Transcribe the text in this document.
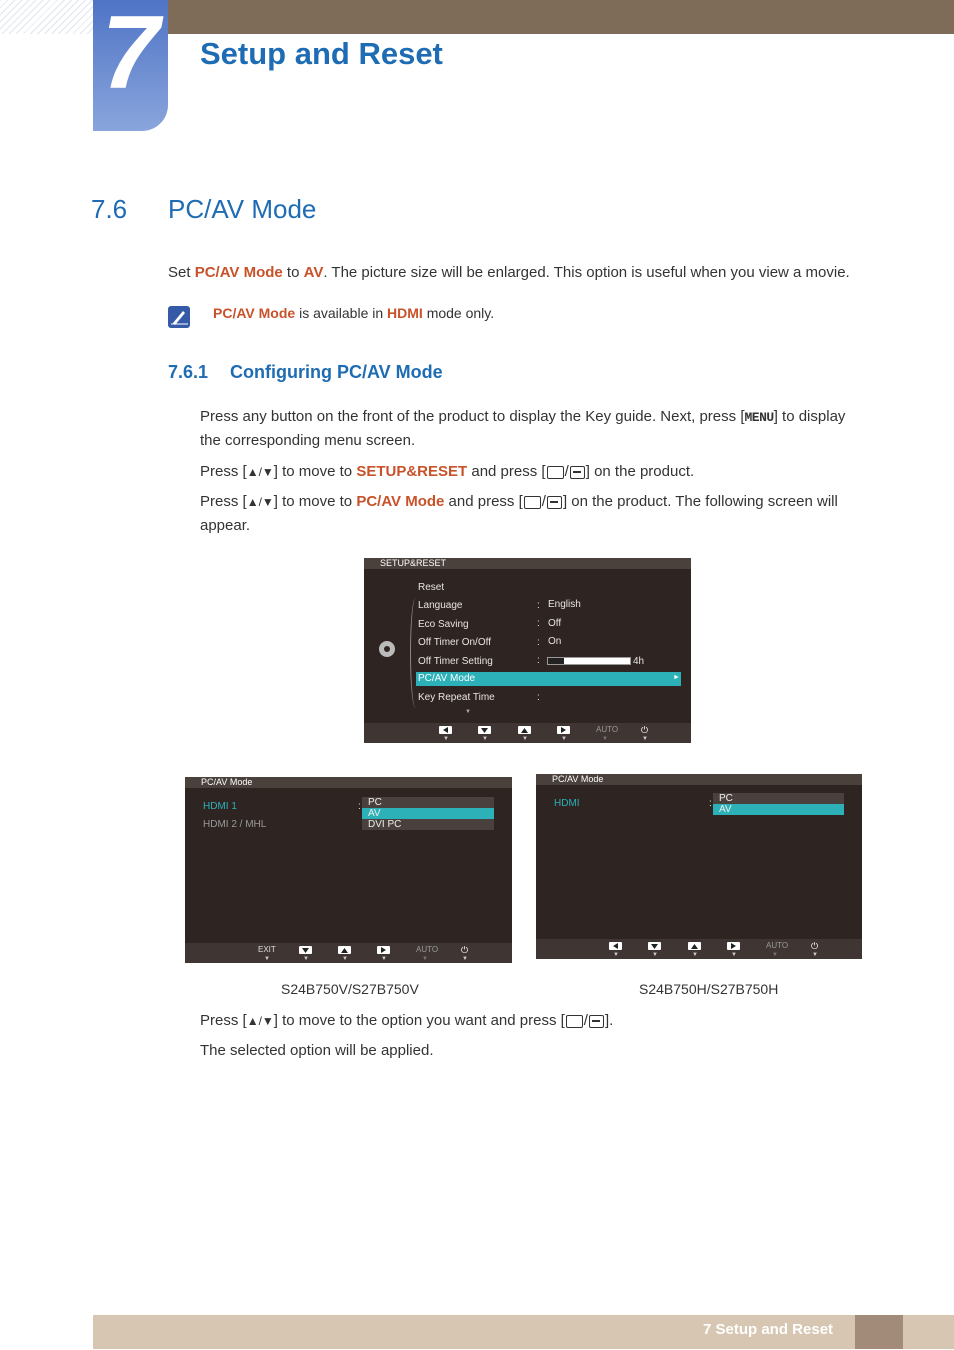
7 Setup and Reset
7.6 PC/AV Mode
Set PC/AV Mode to AV. The picture size will be enlarged. This option is useful when you view a movie.
PC/AV Mode is available in HDMI mode only.
7.6.1 Configuring PC/AV Mode
Press any button on the front of the product to display the Key guide. Next, press [MENU] to display
the corresponding menu screen.
Press [▲/▼] to move to SETUP&RESET and press [ / ] on the product.
Press [▲/▼] to move to PC/AV Mode and press [ / ] on the product. The following screen will
appear.
SETUP&RESET
Reset
Language	: English
Eco Saving	: Off
Off Timer On/Off	: On
Off Timer Setting	:	4h
PC/AV Mode	►
Key Repeat Time	:
▼
▼	▼	▼	▼
AUTO
▼
⏻
▼
PC/AV Mode
HDMI 1
HDMI 2 / MHL
: PC
AV
DVI PC
EXIT
▼	▼	▼	▼
AUTO
▼
⏻
▼
PC/AV Mode
HDMI	: PC
AV
▼	▼	▼	▼
AUTO
▼
⏻
▼
S24B750V/S27B750V	S24B750H/S27B750H
Press [▲/▼] to move to the option you want and press [ / ].
The selected option will be applied.
7 Setup and Reset
